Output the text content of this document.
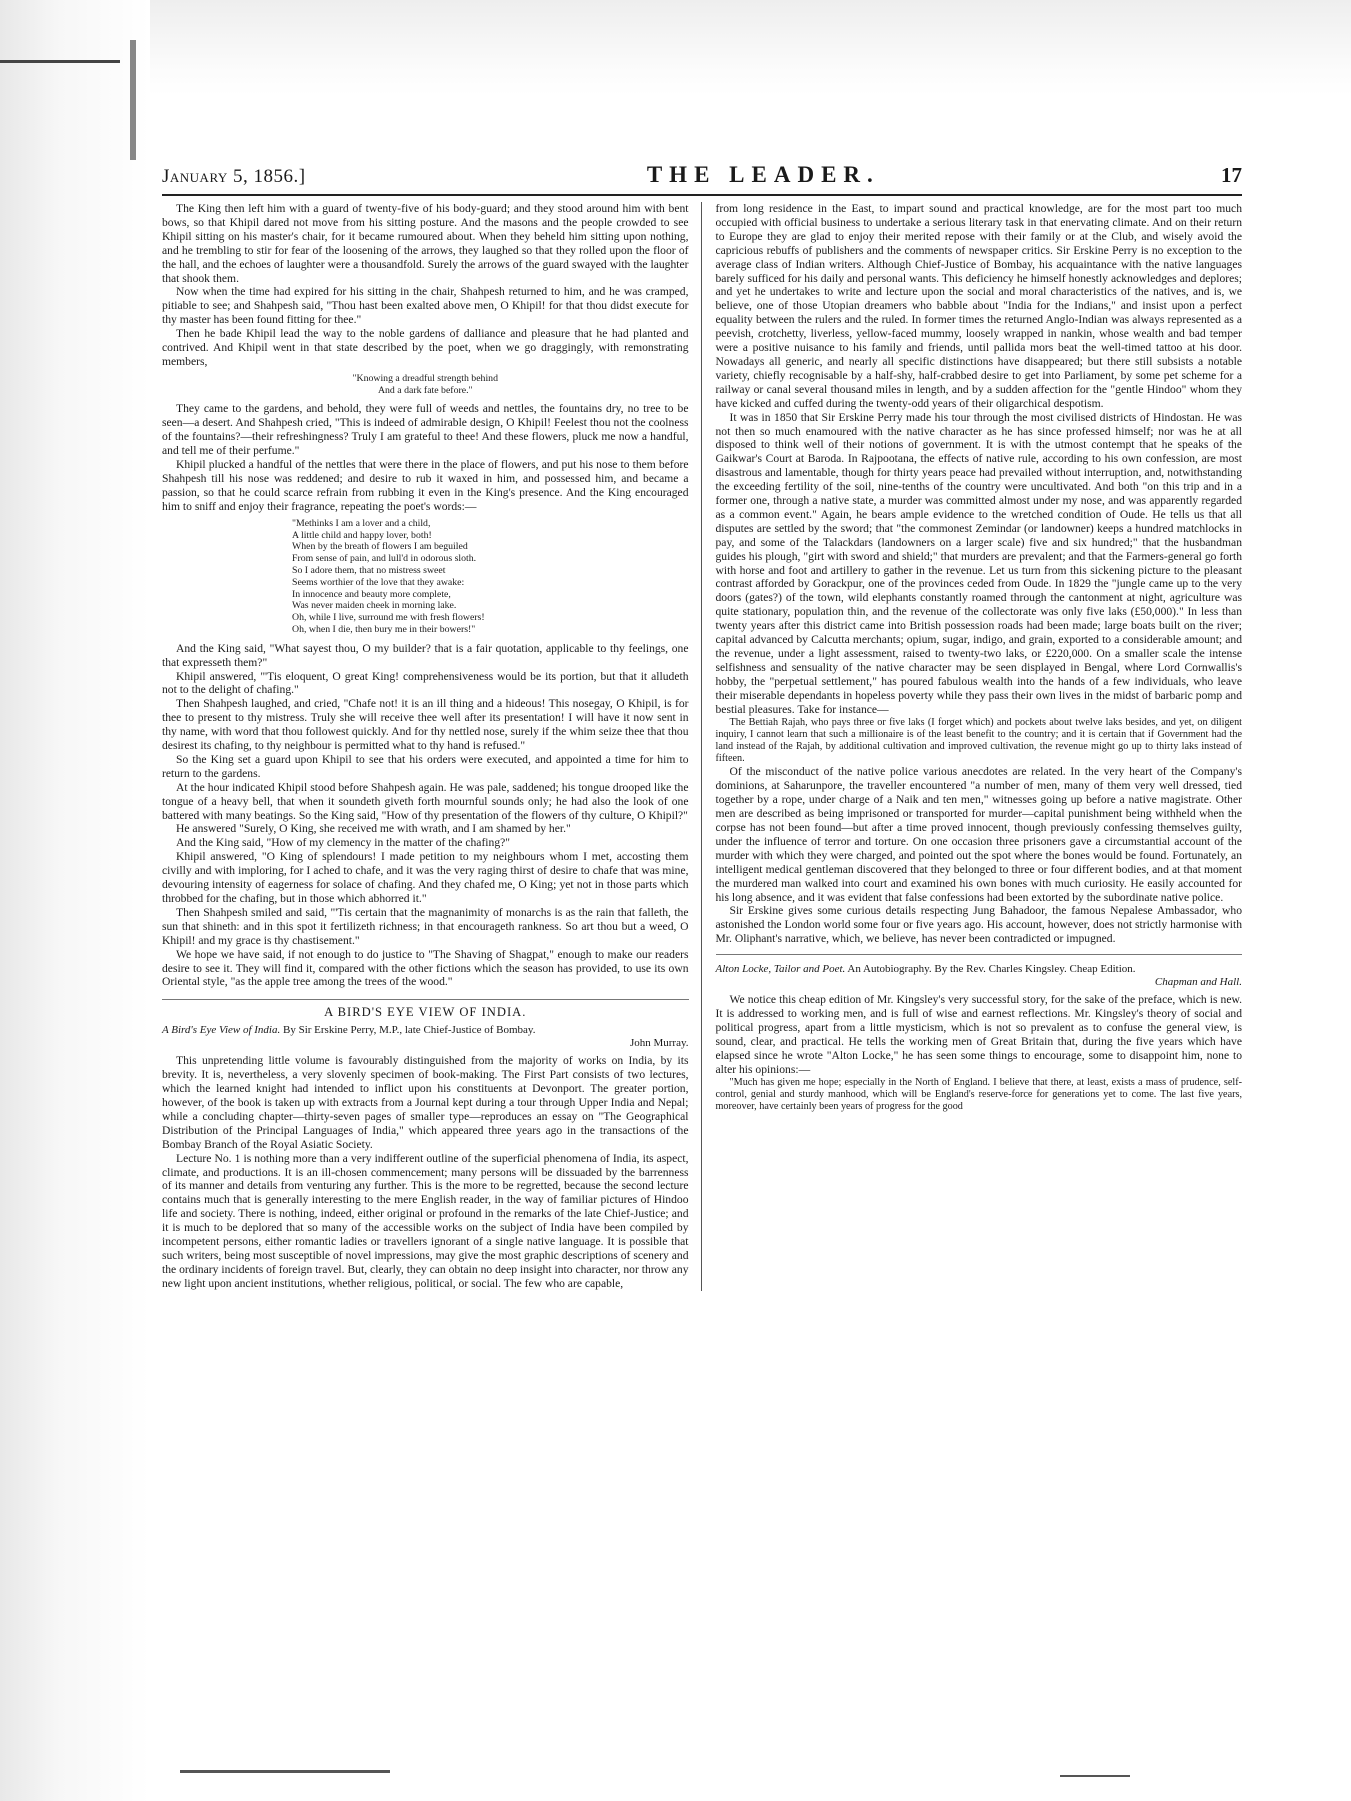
January 5, 1856.]	THE LEADER.	17

The King then left him with a guard of twenty-five of his body-guard; and they stood around him with bent bows, so that Khipil dared not move from his sitting posture. And the masons and the people crowded to see Khipil sitting on his master's chair, for it became rumoured about. When they beheld him sitting upon nothing, and he trembling to stir for fear of the loosening of the arrows, they laughed so that they rolled upon the floor of the hall, and the echoes of laughter were a thousandfold. Surely the arrows of the guard swayed with the laughter that shook them.

Now when the time had expired for his sitting in the chair, Shahpesh returned to him, and he was cramped, pitiable to see; and Shahpesh said, "Thou hast been exalted above men, O Khipil! for that thou didst execute for thy master has been found fitting for thee."

Then he bade Khipil lead the way to the noble gardens of dalliance and pleasure that he had planted and contrived. And Khipil went in that state described by the poet, when we go draggingly, with remonstrating members,

"Knowing a dreadful strength behind
And a dark fate before."

They came to the gardens, and behold, they were full of weeds and nettles, the fountains dry, no tree to be seen—a desert. And Shahpesh cried, "This is indeed of admirable design, O Khipil! Feelest thou not the coolness of the fountains?—their refreshingness? Truly I am grateful to thee! And these flowers, pluck me now a handful, and tell me of their perfume."

Khipil plucked a handful of the nettles that were there in the place of flowers, and put his nose to them before Shahpesh till his nose was reddened; and desire to rub it waxed in him, and possessed him, and became a passion, so that he could scarce refrain from rubbing it even in the King's presence. And the King encouraged him to sniff and enjoy their fragrance, repeating the poet's words:—

"Methinks I am a lover and a child,
A little child and happy lover, both!
When by the breath of flowers I am beguiled
From sense of pain, and lull'd in odorous sloth.
So I adore them, that no mistress sweet
Seems worthier of the love that they awake:
In innocence and beauty more complete,
Was never maiden cheek in morning lake.
Oh, while I live, surround me with fresh flowers!
Oh, when I die, then bury me in their bowers!"

And the King said, "What sayest thou, O my builder? that is a fair quotation, applicable to thy feelings, one that expresseth them?"

Khipil answered, "'Tis eloquent, O great King! comprehensiveness would be its portion, but that it alludeth not to the delight of chafing."

Then Shahpesh laughed, and cried, "Chafe not! it is an ill thing and a hideous! This nosegay, O Khipil, is for thee to present to thy mistress. Truly she will receive thee well after its presentation! I will have it now sent in thy name, with word that thou followest quickly. And for thy nettled nose, surely if the whim seize thee that thou desirest its chafing, to thy neighbour is permitted what to thy hand is refused."

So the King set a guard upon Khipil to see that his orders were executed, and appointed a time for him to return to the gardens.

At the hour indicated Khipil stood before Shahpesh again. He was pale, saddened; his tongue drooped like the tongue of a heavy bell, that when it soundeth giveth forth mournful sounds only; he had also the look of one battered with many beatings. So the King said, "How of thy presentation of the flowers of thy culture, O Khipil?"

He answered "Surely, O King, she received me with wrath, and I am shamed by her."

And the King said, "How of my clemency in the matter of the chafing?"

Khipil answered, "O King of splendours! I made petition to my neighbours whom I met, accosting them civilly and with imploring, for I ached to chafe, and it was the very raging thirst of desire to chafe that was mine, devouring intensity of eagerness for solace of chafing. And they chafed me, O King; yet not in those parts which throbbed for the chafing, but in those which abhorred it."

Then Shahpesh smiled and said, "'Tis certain that the magnanimity of monarchs is as the rain that falleth, the sun that shineth: and in this spot it fertilizeth richness; in that encourageth rankness. So art thou but a weed, O Khipil! and my grace is thy chastisement."

We hope we have said, if not enough to do justice to "The Shaving of Shagpat," enough to make our readers desire to see it. They will find it, compared with the other fictions which the season has provided, to use its own Oriental style, "as the apple tree among the trees of the wood."

A BIRD'S EYE VIEW OF INDIA.
A Bird's Eye View of India. By Sir Erskine Perry, M.P., late Chief-Justice of Bombay.
John Murray.

This unpretending little volume is favourably distinguished from the majority of works on India, by its brevity. It is, nevertheless, a very slovenly specimen of book-making. The First Part consists of two lectures, which the learned knight had intended to inflict upon his constituents at Devonport. The greater portion, however, of the book is taken up with extracts from a Journal kept during a tour through Upper India and Nepal; while a concluding chapter—thirty-seven pages of smaller type—reproduces an essay on "The Geographical Distribution of the Principal Languages of India," which appeared three years ago in the transactions of the Bombay Branch of the Royal Asiatic Society.

Lecture No. 1 is nothing more than a very indifferent outline of the superficial phenomena of India, its aspect, climate, and productions. It is an ill-chosen commencement; many persons will be dissuaded by the barrenness of its manner and details from venturing any further. This is the more to be regretted, because the second lecture contains much that is generally interesting to the mere English reader, in the way of familiar pictures of Hindoo life and society. There is nothing, indeed, either original or profound in the remarks of the late Chief-Justice; and it is much to be deplored that so many of the accessible works on the subject of India have been compiled by incompetent persons, either romantic ladies or travellers ignorant of a single native language. It is possible that such writers, being most susceptible of novel impressions, may give the most graphic descriptions of scenery and the ordinary incidents of foreign travel. But, clearly, they can obtain no deep insight into character, nor throw any new light upon ancient institutions, whether religious, political, or social. The few who are capable,

from long residence in the East, to impart sound and practical knowledge, are for the most part too much occupied with official business to undertake a serious literary task in that enervating climate. And on their return to Europe they are glad to enjoy their merited repose with their family or at the Club, and wisely avoid the capricious rebuffs of publishers and the comments of newspaper critics. Sir Erskine Perry is no exception to the average class of Indian writers. Although Chief-Justice of Bombay, his acquaintance with the native languages barely sufficed for his daily and personal wants. This deficiency he himself honestly acknowledges and deplores; and yet he undertakes to write and lecture upon the social and moral characteristics of the natives, and is, we believe, one of those Utopian dreamers who babble about "India for the Indians," and insist upon a perfect equality between the rulers and the ruled. In former times the returned Anglo-Indian was always represented as a peevish, crotchetty, liverless, yellow-faced mummy, loosely wrapped in nankin, whose wealth and bad temper were a positive nuisance to his family and friends, until pallida mors beat the well-timed tattoo at his door. Nowadays all generic, and nearly all specific distinctions have disappeared; but there still subsists a notable variety, chiefly recognisable by a half-shy, half-crabbed desire to get into Parliament, by some pet scheme for a railway or canal several thousand miles in length, and by a sudden affection for the "gentle Hindoo" whom they have kicked and cuffed during the twenty-odd years of their oligarchical despotism.

It was in 1850 that Sir Erskine Perry made his tour through the most civilised districts of Hindostan. He was not then so much enamoured with the native character as he has since professed himself; nor was he at all disposed to think well of their notions of government. It is with the utmost contempt that he speaks of the Gaikwar's Court at Baroda. In Rajpootana, the effects of native rule, according to his own confession, are most disastrous and lamentable, though for thirty years peace had prevailed without interruption, and, notwithstanding the exceeding fertility of the soil, nine-tenths of the country were uncultivated. And both "on this trip and in a former one, through a native state, a murder was committed almost under my nose, and was apparently regarded as a common event." Again, he bears ample evidence to the wretched condition of Oude. He tells us that all disputes are settled by the sword; that "the commonest Zemindar (or landowner) keeps a hundred matchlocks in pay, and some of the Talackdars (landowners on a larger scale) five and six hundred;" that the husbandman guides his plough, "girt with sword and shield;" that murders are prevalent; and that the Farmers-general go forth with horse and foot and artillery to gather in the revenue. Let us turn from this sickening picture to the pleasant contrast afforded by Gorackpur, one of the provinces ceded from Oude. In 1829 the "jungle came up to the very doors (gates?) of the town, wild elephants constantly roamed through the cantonment at night, agriculture was quite stationary, population thin, and the revenue of the collectorate was only five laks (£50,000)." In less than twenty years after this district came into British possession roads had been made; large boats built on the river; capital advanced by Calcutta merchants; opium, sugar, indigo, and grain, exported to a considerable amount; and the revenue, under a light assessment, raised to twenty-two laks, or £220,000. On a smaller scale the intense selfishness and sensuality of the native character may be seen displayed in Bengal, where Lord Cornwallis's hobby, the "perpetual settlement," has poured fabulous wealth into the hands of a few individuals, who leave their miserable dependants in hopeless poverty while they pass their own lives in the midst of barbaric pomp and bestial pleasures. Take for instance—

The Bettiah Rajah, who pays three or five laks (I forget which) and pockets about twelve laks besides, and yet, on diligent inquiry, I cannot learn that such a millionaire is of the least benefit to the country; and it is certain that if Government had the land instead of the Rajah, by additional cultivation and improved cultivation, the revenue might go up to thirty laks instead of fifteen.

Of the misconduct of the native police various anecdotes are related. In the very heart of the Company's dominions, at Saharunpore, the traveller encountered "a number of men, many of them very well dressed, tied together by a rope, under charge of a Naik and ten men," witnesses going up before a native magistrate. Other men are described as being imprisoned or transported for murder—capital punishment being withheld when the corpse has not been found—but after a time proved innocent, though previously confessing themselves guilty, under the influence of terror and torture. On one occasion three prisoners gave a circumstantial account of the murder with which they were charged, and pointed out the spot where the bones would be found. Fortunately, an intelligent medical gentleman discovered that they belonged to three or four different bodies, and at that moment the murdered man walked into court and examined his own bones with much curiosity. He easily accounted for his long absence, and it was evident that false confessions had been extorted by the subordinate native police.

Sir Erskine gives some curious details respecting Jung Bahadoor, the famous Nepalese Ambassador, who astonished the London world some four or five years ago. His account, however, does not strictly harmonise with Mr. Oliphant's narrative, which, we believe, has never been contradicted or impugned.

Alton Locke, Tailor and Poet. An Autobiography. By the Rev. Charles Kingsley. Cheap Edition.
Chapman and Hall.

We notice this cheap edition of Mr. Kingsley's very successful story, for the sake of the preface, which is new. It is addressed to working men, and is full of wise and earnest reflections. Mr. Kingsley's theory of social and political progress, apart from a little mysticism, which is not so prevalent as to confuse the general view, is sound, clear, and practical. He tells the working men of Great Britain that, during the five years which have elapsed since he wrote "Alton Locke," he has seen some things to encourage, some to disappoint him, none to alter his opinions:—

"Much has given me hope; especially in the North of England. I believe that there, at least, exists a mass of prudence, self-control, genial and sturdy manhood, which will be England's reserve-force for generations yet to come. The last five years, moreover, have certainly been years of progress for the good
